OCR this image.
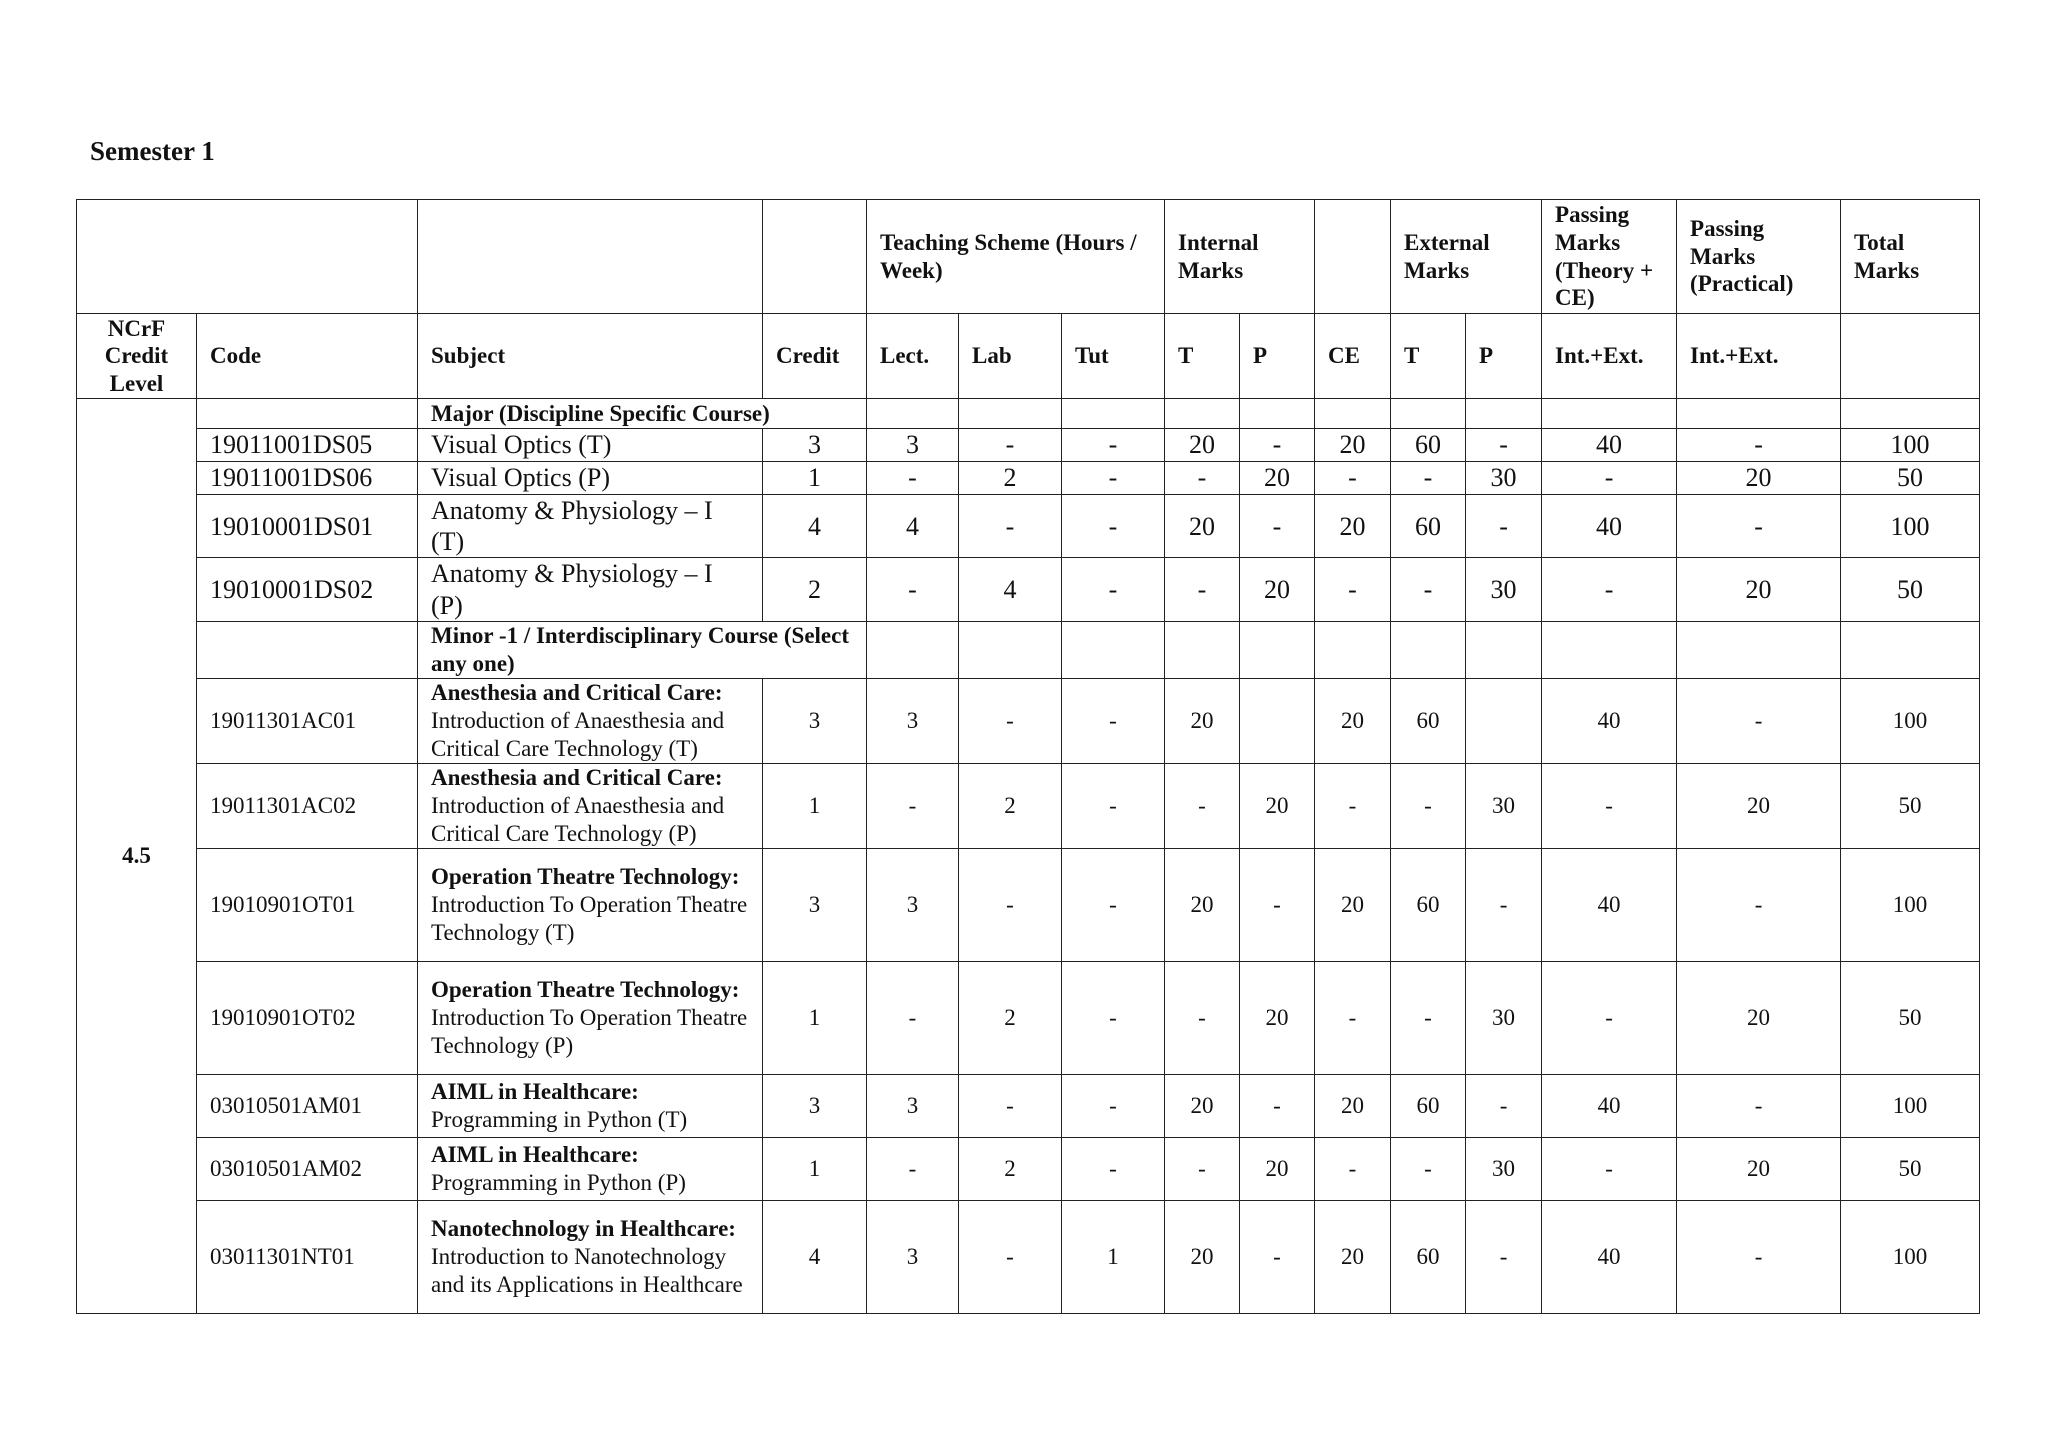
Semester 1
				Teaching Scheme (Hours / Week)			Internal Marks			External Marks		Passing Marks (Theory + CE)	Passing Marks (Practical)	Total Marks
NCrF Credit Level	Code	Subject	Credit	Lect.	Lab	Tut	T	P	CE	T	P	Int.+Ext.	Int.+Ext.	
4.5		Major (Discipline Specific Course)												
	19011001DS05	Visual Optics (T)	3	3	-	-	20	-	20	60	-	40	-	100
	19011001DS06	Visual Optics (P)	1	-	2	-	-	20	-	-	30	-	20	50
	19010001DS01	Anatomy & Physiology – I (T)	4	4	-	-	20	-	20	60	-	40	-	100
	19010001DS02	Anatomy & Physiology – I (P)	2	-	4	-	-	20	-	-	30	-	20	50
		Minor -1 / Interdisciplinary Course (Select any one)												
	19011301AC01	Anesthesia and Critical Care: Introduction of Anaesthesia and Critical Care Technology (T)	3	3	-	-	20		20	60		40	-	100
	19011301AC02	Anesthesia and Critical Care: Introduction of Anaesthesia and Critical Care Technology (P)	1	-	2	-	-	20	-	-	30	-	20	50
	19010901OT01	Operation Theatre Technology: Introduction To Operation Theatre Technology (T)	3	3	-	-	20	-	20	60	-	40	-	100
	19010901OT02	Operation Theatre Technology: Introduction To Operation Theatre Technology (P)	1	-	2	-	-	20	-	-	30	-	20	50
	03010501AM01	AIML in Healthcare: Programming in Python (T)	3	3	-	-	20	-	20	60	-	40	-	100
	03010501AM02	AIML in Healthcare: Programming in Python (P)	1	-	2	-	-	20	-	-	30	-	20	50
	03011301NT01	Nanotechnology in Healthcare: Introduction to Nanotechnology and its Applications in Healthcare	4	3	-	1	20	-	20	60	-	40	-	100
